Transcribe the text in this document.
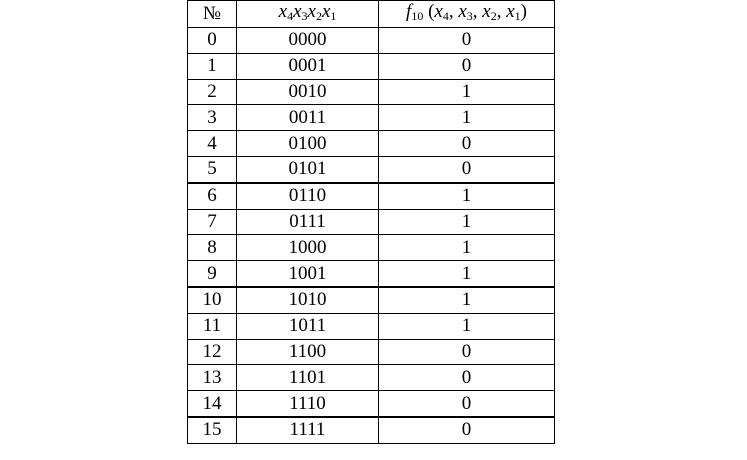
№	$x_4x_3x_2x_1$	$f_{10}$ ($x_4$, $x_3$, $x_2$, $x_1$)
0	0000	0
1	0001	0
2	0010	1
3	0011	1
4	0100	0
5	0101	0
6	0110	1
7	0111	1
8	1000	1
9	1001	1
10	1010	1
11	1011	1
12	1100	0
13	1101	0
14	1110	0
15	1111	0
